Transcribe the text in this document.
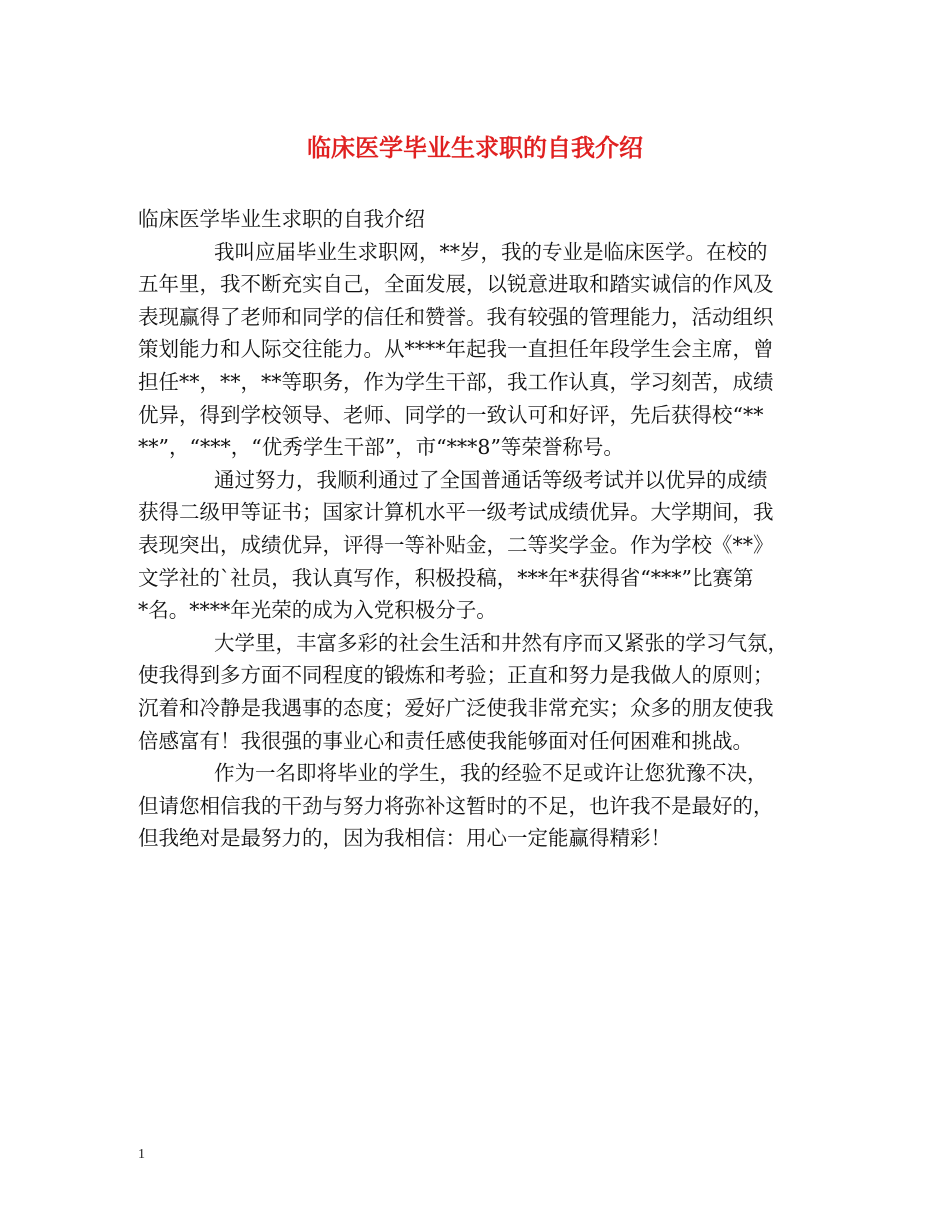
临床医学毕业生求职的自我介绍

临床医学毕业生求职的自我介绍

我叫应届毕业生求职网，**岁，我的专业是临床医学。在校的
五年里，我不断充实自己，全面发展，以锐意进取和踏实诚信的作风及
表现赢得了老师和同学的信任和赞誉。我有较强的管理能力，活动组织
策划能力和人际交往能力。从****年起我一直担任年段学生会主席，曾
担任**，**，**等职务，作为学生干部，我工作认真，学习刻苦，成绩
优异，得到学校领导、老师、同学的一致认可和好评，先后获得校“**
**”，“***，“优秀学生干部”，市“***8”等荣誉称号。
通过努力，我顺利通过了全国普通话等级考试并以优异的成绩
获得二级甲等证书；国家计算机水平一级考试成绩优异。大学期间，我
表现突出，成绩优异，评得一等补贴金，二等奖学金。作为学校《**》
文学社的`社员，我认真写作，积极投稿，***年*获得省“***”比赛第
*名。****年光荣的成为入党积极分子。
大学里，丰富多彩的社会生活和井然有序而又紧张的学习气氛，
使我得到多方面不同程度的锻炼和考验；正直和努力是我做人的原则；
沉着和冷静是我遇事的态度；爱好广泛使我非常充实；众多的朋友使我
倍感富有！我很强的事业心和责任感使我能够面对任何困难和挑战。
作为一名即将毕业的学生，我的经验不足或许让您犹豫不决，
但请您相信我的干劲与努力将弥补这暂时的不足，也许我不是最好的，
但我绝对是最努力的，因为我相信：用心一定能赢得精彩！
1
